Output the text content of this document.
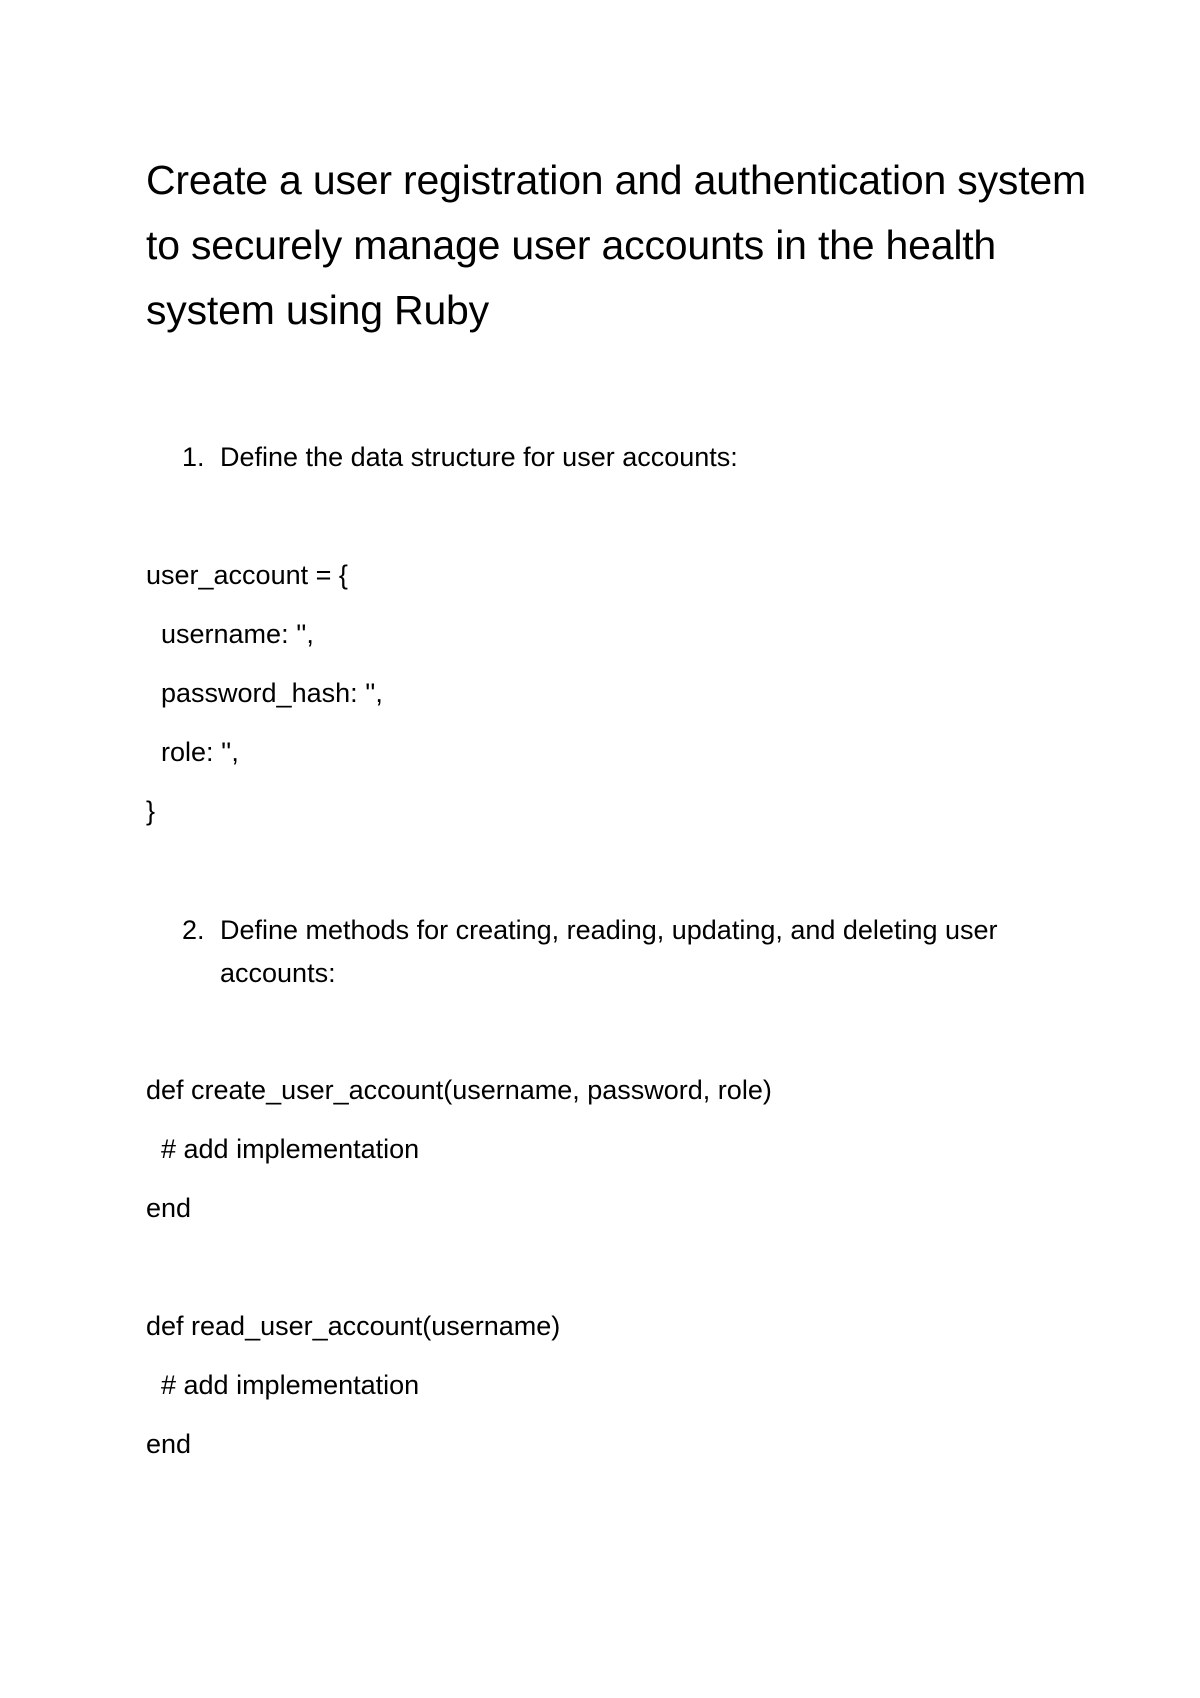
Create a user registration and authentication system to securely manage user accounts in the health system using Ruby
1. Define the data structure for user accounts:
user_account = {
username: '',
password_hash: '',
role: '',
}
2. Define methods for creating, reading, updating, and deleting user accounts:
def create_user_account(username, password, role)
# add implementation
end
def read_user_account(username)
# add implementation
end
